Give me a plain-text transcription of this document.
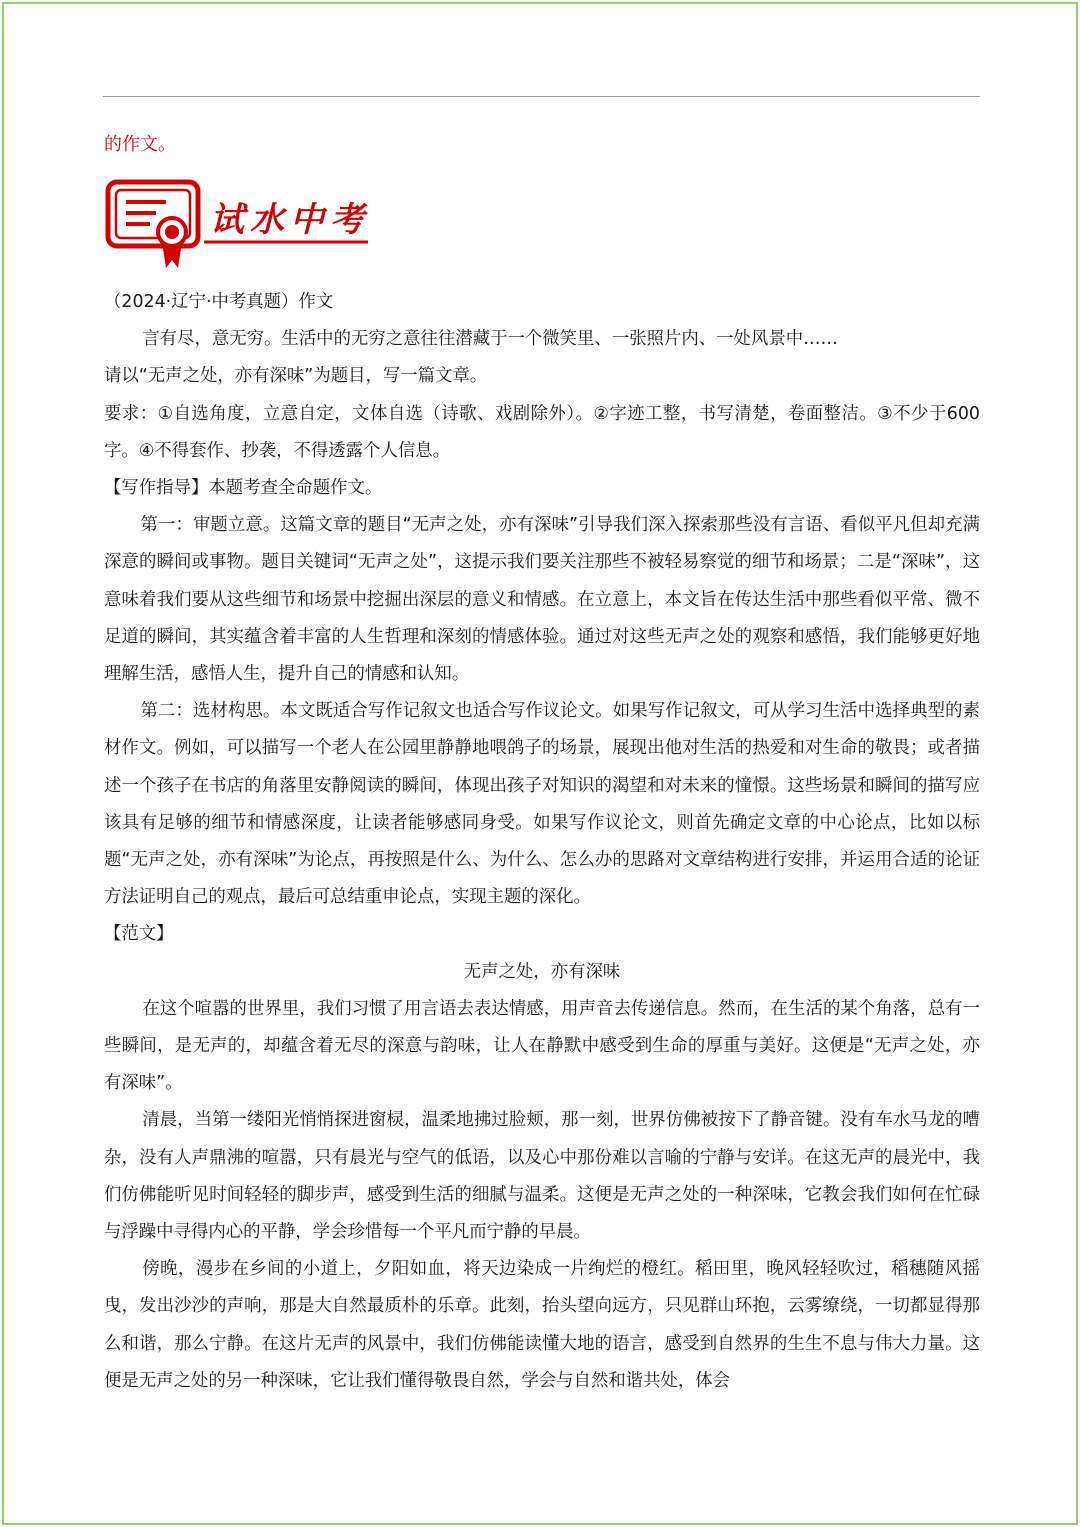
的作文。
试水中考

（2024·辽宁·中考真题）作文

言有尽，意无穷。生活中的无穷之意往往潜藏于一个微笑里、一张照片内、一处风景中……

请以“无声之处，亦有深味”为题目，写一篇文章。

要求：①自选角度，立意自定，文体自选（诗歌、戏剧除外）。②字迹工整，书写清楚，卷面整洁。③不少于600 字。④不得套作、抄袭，不得透露个人信息。

【写作指导】本题考查全命题作文。

第一：审题立意。这篇文章的题目“无声之处，亦有深味”引导我们深入探索那些没有言语、看似平凡但却充满深意的瞬间或事物。题目关键词“无声之处”，这提示我们要关注那些不被轻易察觉的细节和场景；二是“深味”，这意味着我们要从这些细节和场景中挖掘出深层的意义和情感。在立意上，本文旨在传达生活中那些看似平常、微不足道的瞬间，其实蕴含着丰富的人生哲理和深刻的情感体验。通过对这些无声之处的观察和感悟，我们能够更好地理解生活，感悟人生，提升自己的情感和认知。

第二：选材构思。本文既适合写作记叙文也适合写作议论文。如果写作记叙文，可从学习生活中选择典型的素材作文。例如，可以描写一个老人在公园里静静地喂鸽子的场景，展现出他对生活的热爱和对生命的敬畏；或者描述一个孩子在书店的角落里安静阅读的瞬间，体现出孩子对知识的渴望和对未来的憧憬。这些场景和瞬间的描写应该具有足够的细节和情感深度，让读者能够感同身受。如果写作议论文，则首先确定文章的中心论点，比如以标题“无声之处，亦有深味”为论点，再按照是什么、为什么、怎么办的思路对文章结构进行安排，并运用合适的论证方法证明自己的观点，最后可总结重申论点，实现主题的深化。

【范文】

无声之处，亦有深味

在这个喧嚣的世界里，我们习惯了用言语去表达情感，用声音去传递信息。然而，在生活的某个角落，总有一些瞬间，是无声的，却蕴含着无尽的深意与韵味，让人在静默中感受到生命的厚重与美好。这便是“无声之处，亦有深味”。

清晨，当第一缕阳光悄悄探进窗棂，温柔地拂过脸颊，那一刻，世界仿佛被按下了静音键。没有车水马龙的嘈杂，没有人声鼎沸的喧嚣，只有晨光与空气的低语，以及心中那份难以言喻的宁静与安详。在这无声的晨光中，我们仿佛能听见时间轻轻的脚步声，感受到生活的细腻与温柔。这便是无声之处的一种深味，它教会我们如何在忙碌与浮躁中寻得内心的平静，学会珍惜每一个平凡而宁静的早晨。

傍晚，漫步在乡间的小道上，夕阳如血，将天边染成一片绚烂的橙红。稻田里，晚风轻轻吹过，稻穗随风摇曳，发出沙沙的声响，那是大自然最质朴的乐章。此刻，抬头望向远方，只见群山环抱，云雾缭绕，一切都显得那么和谐，那么宁静。在这片无声的风景中，我们仿佛能读懂大地的语言，感受到自然界的生生不息与伟大力量。这便是无声之处的另一种深味，它让我们懂得敬畏自然，学会与自然和谐共处，体会
